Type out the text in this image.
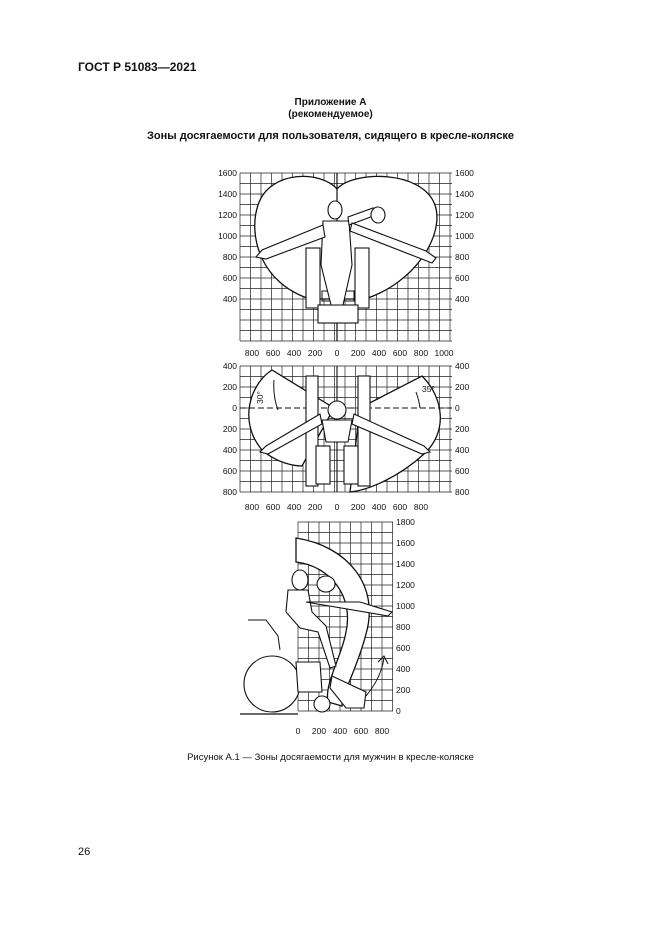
ГОСТ Р 51083—2021
Приложение А
(рекомендуемое)
Зоны досягаемости для пользователя, сидящего в кресле-коляске
1600
1400
1200
1000
800
600
400
1600
1400
1200
1000
800
600
400
800 600 400 200 0 200 400 600 800 1000
30°
35°
400
200
0
200
400
600
800
400
200
0
200
400
600
800
800 600 400 200 0 200 400 600 800
1800
1600
1400
1200
1000
800
600
400
200
0
0 200 400 600 800
Рисунок А.1 — Зоны досягаемости для мужчин в кресле-коляске
26
